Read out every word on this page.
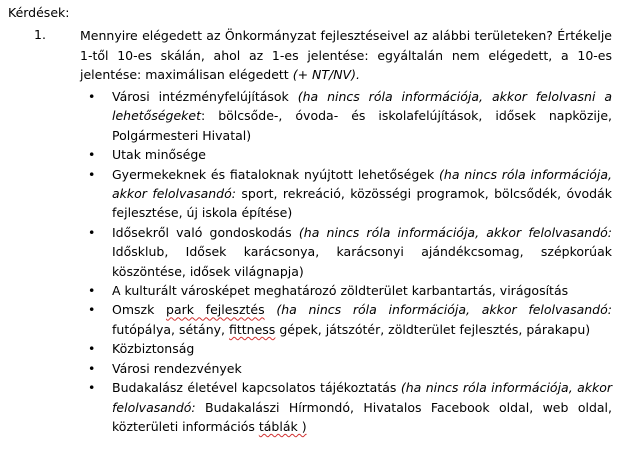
Kérdések:
1.	Mennyire elégedett az Önkormányzat fejlesztéseivel az alábbi területeken? Értékelje 1-től 10-es skálán, ahol az 1-es jelentése: egyáltalán nem elégedett, a 10-es jelentése: maximálisan elégedett (+ NT/NV).
• Városi intézményfelújítások (ha nincs róla információja, akkor felolvasni a lehetőségeket: bölcsőde-, óvoda- és iskolafelújítások, idősek napközije, Polgármesteri Hivatal)
• Utak minősége
• Gyermekeknek és fiataloknak nyújtott lehetőségek (ha nincs róla információja, akkor felolvasandó: sport, rekreáció, közösségi programok, bölcsődék, óvodák fejlesztése, új iskola építése)
• Idősekről való gondoskodás (ha nincs róla információja, akkor felolvasandó: Idősklub, Idősek karácsonya, karácsonyi ajándékcsomag, szépkorúak köszöntése, idősek világnapja)
• A kulturált városképet meghatározó zöldterület karbantartás, virágosítás
• Omszk park fejlesztés (ha nincs róla információja, akkor felolvasandó: futópálya, sétány, fittness gépek, játszótér, zöldterület fejlesztés, párakapu)
• Közbiztonság
• Városi rendezvények
• Budakalász életével kapcsolatos tájékoztatás (ha nincs róla információja, akkor felolvasandó: Budakalászi Hírmondó, Hivatalos Facebook oldal, web oldal, közterületi információs táblák )
